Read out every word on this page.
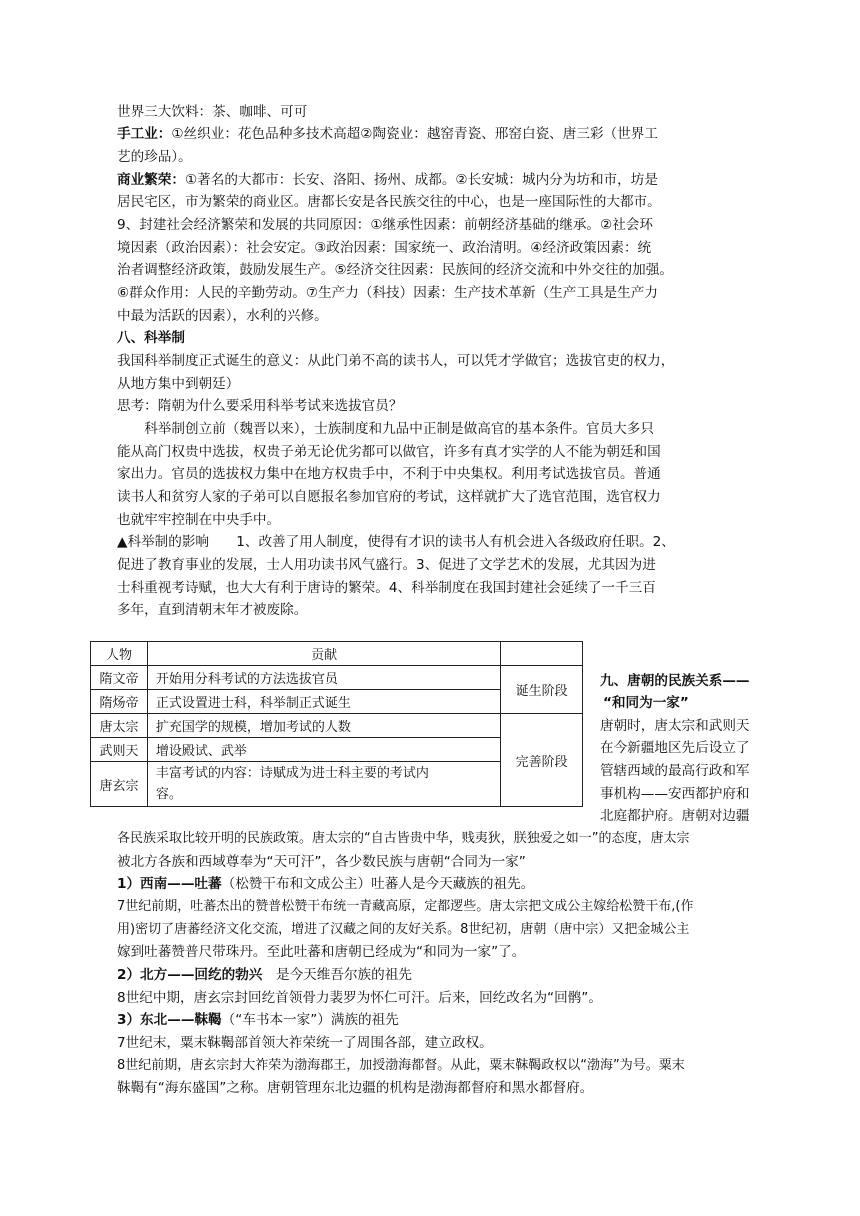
世界三大饮料：茶、咖啡、可可
手工业：①丝织业：花色品种多技术高超②陶瓷业：越窑青瓷、邢窑白瓷、唐三彩（世界工
艺的珍品）。
商业繁荣：①著名的大都市：长安、洛阳、扬州、成都。②长安城：城内分为坊和市，坊是
居民宅区，市为繁荣的商业区。唐都长安是各民族交往的中心，也是一座国际性的大都市。
9、封建社会经济繁荣和发展的共同原因：①继承性因素：前朝经济基础的继承。②社会环
境因素（政治因素）：社会安定。③政治因素：国家统一、政治清明。④经济政策因素：统
治者调整经济政策，鼓励发展生产。⑤经济交往因素：民族间的经济交流和中外交往的加强。
⑥群众作用：人民的辛勤劳动。⑦生产力（科技）因素：生产技术革新（生产工具是生产力
中最为活跃的因素），水利的兴修。
八、科举制
我国科举制度正式诞生的意义：从此门弟不高的读书人，可以凭才学做官；选拔官吏的权力，
从地方集中到朝廷）
思考：隋朝为什么要采用科举考试来选拔官员？
科举制创立前（魏晋以来），士族制度和九品中正制是做高官的基本条件。官员大多只
能从高门权贵中选拔，权贵子弟无论优劣都可以做官，许多有真才实学的人不能为朝廷和国
家出力。官员的选拔权力集中在地方权贵手中，不利于中央集权。利用考试选拔官员。普通
读书人和贫穷人家的子弟可以自愿报名参加官府的考试，这样就扩大了选官范围，选官权力
也就牢牢控制在中央手中。
▲科举制的影响　　1、改善了用人制度，使得有才识的读书人有机会进入各级政府任职。2、
促进了教育事业的发展，士人用功读书风气盛行。3、促进了文学艺术的发展，尤其因为进
士科重视考诗赋，也大大有利于唐诗的繁荣。4、科举制度在我国封建社会延续了一千三百
多年，直到清朝末年才被废除。
人物	贡献	
隋文帝	开始用分科考试的方法选拔官员	诞生阶段
隋炀帝	正式设置进士科，科举制正式诞生	
唐太宗	扩充国学的规模，增加考试的人数	完善阶段
武则天	增设殿试、武举	
唐玄宗	丰富考试的内容：诗赋成为进士科主要的考试内
容。	
九、唐朝的民族关系——
“和同为一家”
唐朝时，唐太宗和武则天
在今新疆地区先后设立了
管辖西域的最高行政和军
事机构——安西都护府和
北庭都护府。唐朝对边疆
各民族采取比较开明的民族政策。唐太宗的“自古皆贵中华，贱夷狄，朕独爱之如一”的态度，唐太宗
被北方各族和西域尊奉为“天可汗”，各少数民族与唐朝“合同为一家”
1）西南——吐蕃（松赞干布和文成公主）吐蕃人是今天藏族的祖先。
7世纪前期，吐蕃杰出的赞普松赞干布统一青藏高原，定都逻些。唐太宗把文成公主嫁给松赞干布,(作
用)密切了唐蕃经济文化交流，增进了汉藏之间的友好关系。8世纪初，唐朝（唐中宗）又把金城公主
嫁到吐蕃赞普尺带珠丹。至此吐蕃和唐朝已经成为“和同为一家”了。
2）北方——回纥的勃兴　是今天维吾尔族的祖先
8世纪中期，唐玄宗封回纥首领骨力裴罗为怀仁可汗。后来，回纥改名为“回鹘”。
3）东北——靺鞨（“车书本一家”）满族的祖先
7世纪末，粟末靺鞨部首领大祚荣统一了周围各部，建立政权。
8世纪前期，唐玄宗封大祚荣为渤海郡王，加授渤海都督。从此，粟末靺鞨政权以“渤海”为号。粟末
靺鞨有“海东盛国”之称。唐朝管理东北边疆的机构是渤海都督府和黑水都督府。
